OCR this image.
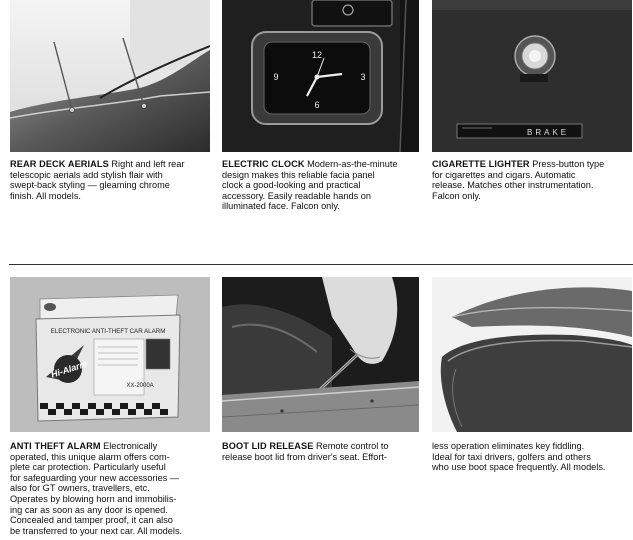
12
3
6
9
BRAKE

REAR DECK AERIALS Right and left rear

telescopic aerials add stylish flair with

swept-back styling — gleaming chrome

finish. All models.

ELECTRIC CLOCK Modern-as-the-minute

design makes this reliable facia panel

clock a good-looking and practical

accessory. Easily readable hands on

illuminated face. Falcon only.

CIGARETTE LIGHTER Press-button type

for cigarettes and cigars. Automatic

release. Matches other instrumentation.

Falcon only.

ELECTRONIC ANTI-THEFT CAR ALARM
Hi-Alarm
XX-2000A

ANTI THEFT ALARM Electronically

operated, this unique alarm offers com-

plete car protection. Particularly useful

for safeguarding your new accessories —

also for GT owners, travellers, etc.

Operates by blowing horn and immobilis-

ing car as soon as any door is opened.

Concealed and tamper proof, it can also

be transferred to your next car. All models.

BOOT LID RELEASE Remote control to

release boot lid from driver's seat. Effort-

less operation eliminates key fiddling.

Ideal for taxi drivers, golfers and others

who use boot space frequently. All models.
